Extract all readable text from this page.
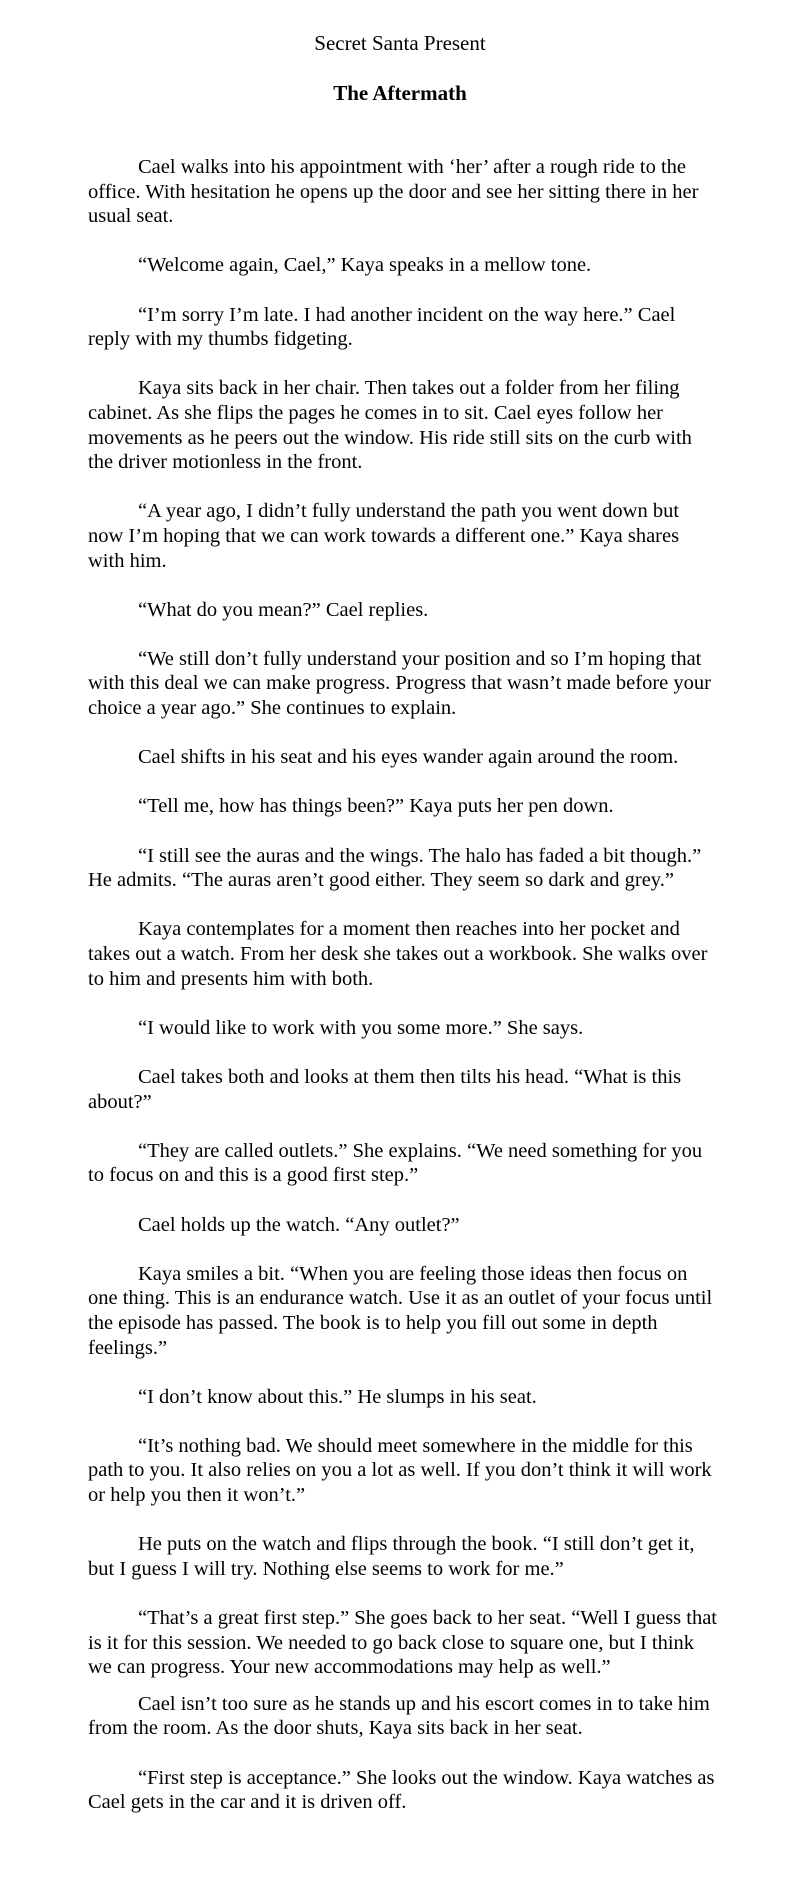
Secret Santa Present
The Aftermath

Cael walks into his appointment with ‘her’ after a rough ride to the office. With hesitation he opens up the door and see her sitting there in her usual seat.

“Welcome again, Cael,” Kaya speaks in a mellow tone.

“I’m sorry I’m late. I had another incident on the way here.” Cael reply with my thumbs fidgeting.

Kaya sits back in her chair. Then takes out a folder from her filing cabinet. As she flips the pages he comes in to sit. Cael eyes follow her movements as he peers out the window. His ride still sits on the curb with the driver motionless in the front.

“A year ago, I didn’t fully understand the path you went down but now I’m hoping that we can work towards a different one.” Kaya shares with him.

“What do you mean?” Cael replies.

“We still don’t fully understand your position and so I’m hoping that with this deal we can make progress. Progress that wasn’t made before your choice a year ago.” She continues to explain.

Cael shifts in his seat and his eyes wander again around the room.

“Tell me, how has things been?” Kaya puts her pen down.

“I still see the auras and the wings. The halo has faded a bit though.” He admits. “The auras aren’t good either. They seem so dark and grey.”

Kaya contemplates for a moment then reaches into her pocket and takes out a watch. From her desk she takes out a workbook. She walks over to him and presents him with both.

“I would like to work with you some more.” She says.

Cael takes both and looks at them then tilts his head. “What is this about?”

“They are called outlets.” She explains. “We need something for you to focus on and this is a good first step.”

Cael holds up the watch. “Any outlet?”

Kaya smiles a bit. “When you are feeling those ideas then focus on one thing. This is an endurance watch. Use it as an outlet of your focus until the episode has passed. The book is to help you fill out some in depth feelings.”

“I don’t know about this.” He slumps in his seat.

“It’s nothing bad. We should meet somewhere in the middle for this path to you. It also relies on you a lot as well. If you don’t think it will work or help you then it won’t.”

He puts on the watch and flips through the book. “I still don’t get it, but I guess I will try. Nothing else seems to work for me.”

“That’s a great first step.” She goes back to her seat. “Well I guess that is it for this session. We needed to go back close to square one, but I think we can progress. Your new accommodations may help as well.”

Cael isn’t too sure as he stands up and his escort comes in to take him from the room. As the door shuts, Kaya sits back in her seat.

“First step is acceptance.” She looks out the window. Kaya watches as Cael gets in the car and it is driven off.
